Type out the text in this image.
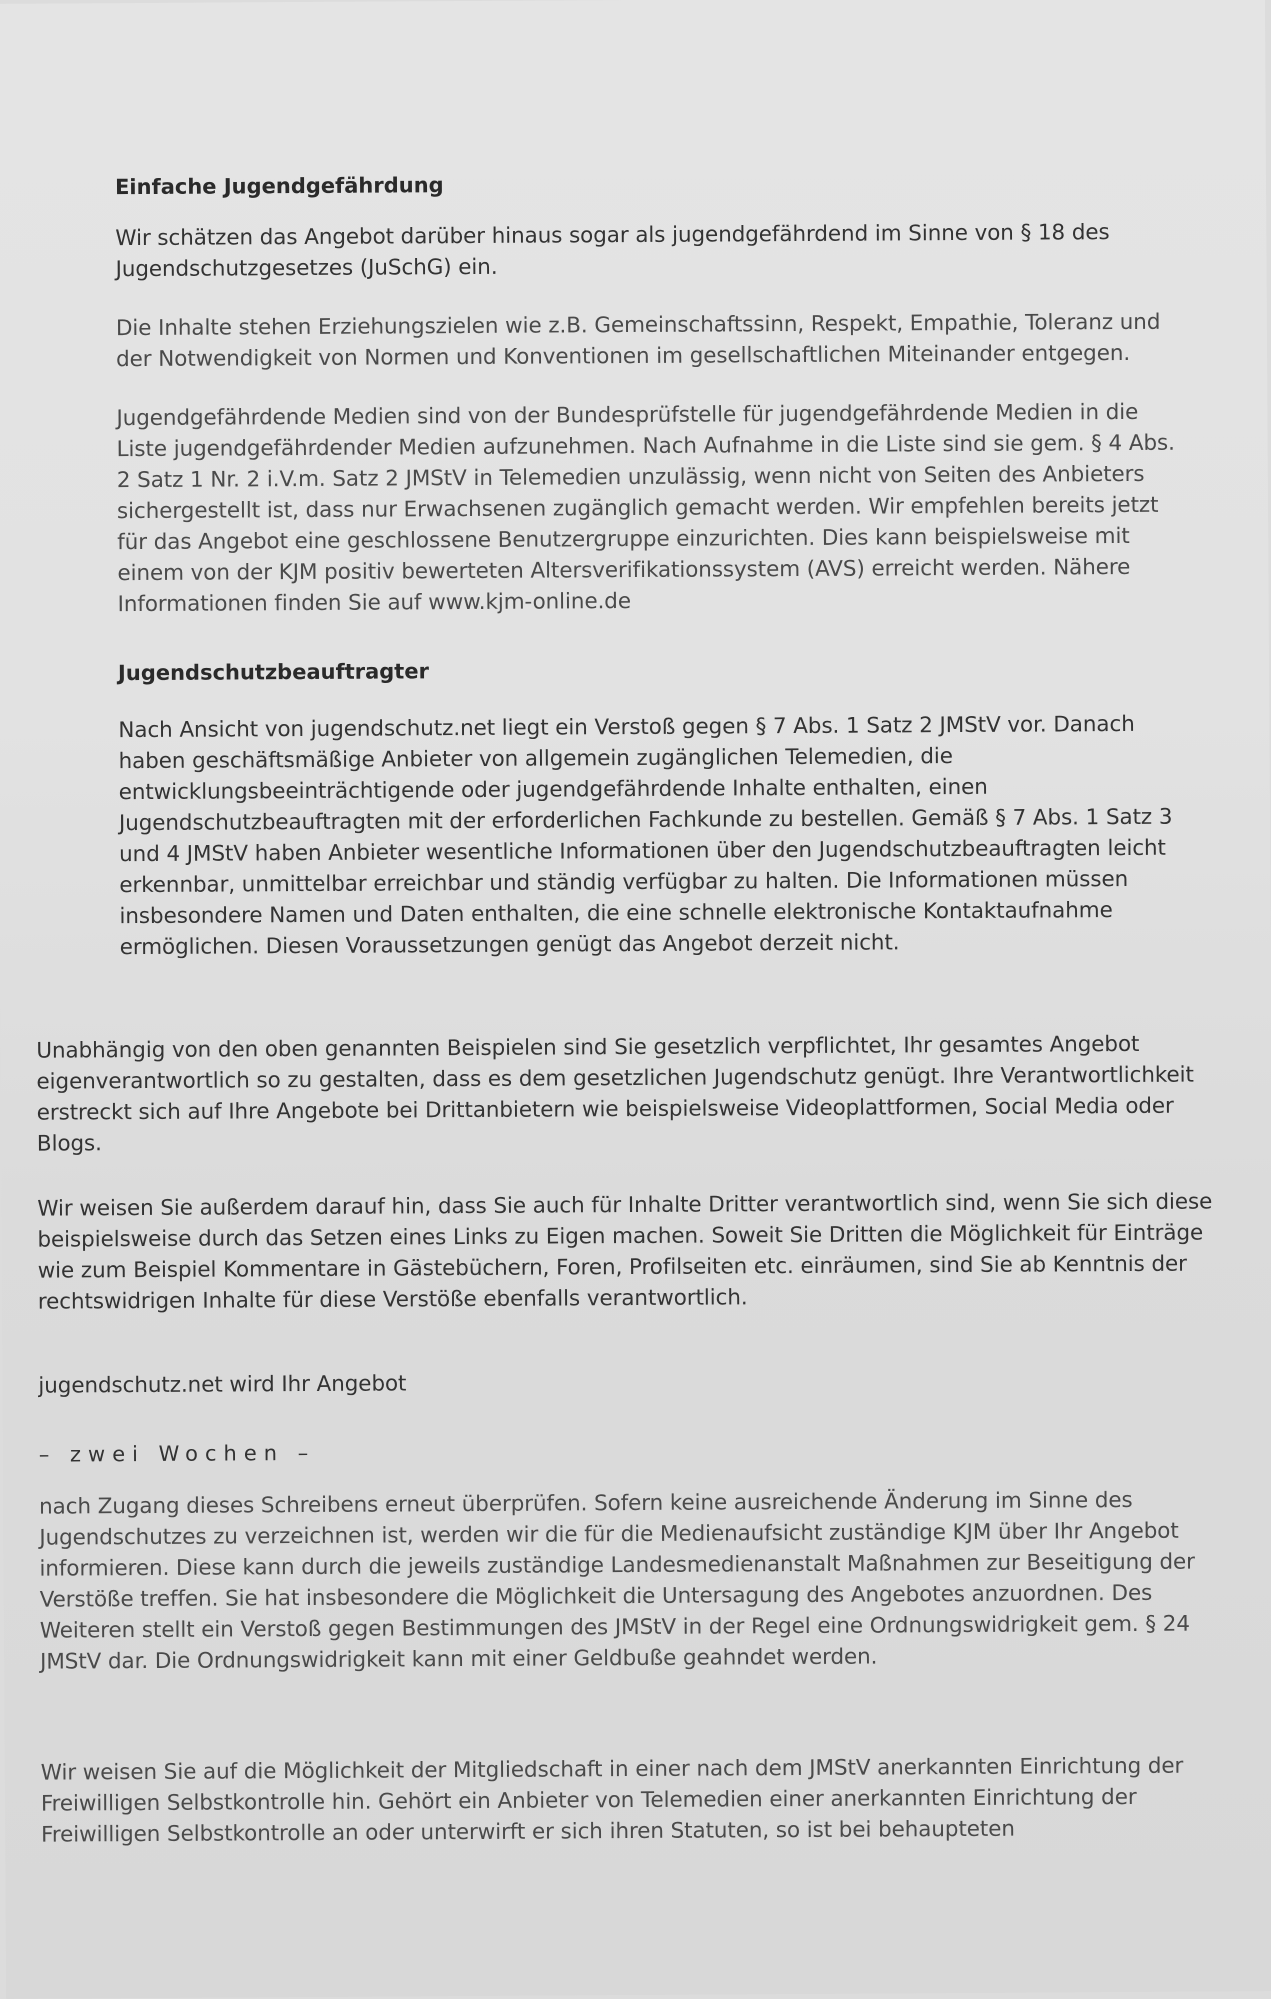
Einfache Jugendgefährdung

Wir schätzen das Angebot darüber hinaus sogar als jugendgefährdend im Sinne von § 18 des Jugendschutzgesetzes (JuSchG) ein.

Die Inhalte stehen Erziehungszielen wie z.B. Gemeinschaftssinn, Respekt, Empathie, Toleranz und der Notwendigkeit von Normen und Konventionen im gesellschaftlichen Miteinander entgegen.

Jugendgefährdende Medien sind von der Bundesprüfstelle für jugendgefährdende Medien in die Liste jugendgefährdender Medien aufzunehmen. Nach Aufnahme in die Liste sind sie gem. § 4 Abs. 2 Satz 1 Nr. 2 i.V.m. Satz 2 JMStV in Telemedien unzulässig, wenn nicht von Seiten des Anbieters sichergestellt ist, dass nur Erwachsenen zugänglich gemacht werden. Wir empfehlen bereits jetzt für das Angebot eine geschlossene Benutzergruppe einzurichten. Dies kann beispielsweise mit einem von der KJM positiv bewerteten Altersverifikationssystem (AVS) erreicht werden. Nähere Informationen finden Sie auf www.kjm-online.de

Jugendschutzbeauftragter

Nach Ansicht von jugendschutz.net liegt ein Verstoß gegen § 7 Abs. 1 Satz 2 JMStV vor. Danach haben geschäftsmäßige Anbieter von allgemein zugänglichen Telemedien, die entwicklungsbeeinträchtigende oder jugendgefährdende Inhalte enthalten, einen Jugendschutzbeauftragten mit der erforderlichen Fachkunde zu bestellen. Gemäß § 7 Abs. 1 Satz 3 und 4 JMStV haben Anbieter wesentliche Informationen über den Jugendschutzbeauftragten leicht erkennbar, unmittelbar erreichbar und ständig verfügbar zu halten. Die Informationen müssen insbesondere Namen und Daten enthalten, die eine schnelle elektronische Kontaktaufnahme ermöglichen. Diesen Voraussetzungen genügt das Angebot derzeit nicht.

Unabhängig von den oben genannten Beispielen sind Sie gesetzlich verpflichtet, Ihr gesamtes Angebot eigenverantwortlich so zu gestalten, dass es dem gesetzlichen Jugendschutz genügt. Ihre Verantwortlichkeit erstreckt sich auf Ihre Angebote bei Drittanbietern wie beispielsweise Videoplattformen, Social Media oder Blogs.

Wir weisen Sie außerdem darauf hin, dass Sie auch für Inhalte Dritter verantwortlich sind, wenn Sie sich diese beispielsweise durch das Setzen eines Links zu Eigen machen. Soweit Sie Dritten die Möglichkeit für Einträge wie zum Beispiel Kommentare in Gästebüchern, Foren, Profilseiten etc. einräumen, sind Sie ab Kenntnis der rechtswidrigen Inhalte für diese Verstöße ebenfalls verantwortlich.

jugendschutz.net wird Ihr Angebot

– zwei Wochen –

nach Zugang dieses Schreibens erneut überprüfen. Sofern keine ausreichende Änderung im Sinne des Jugendschutzes zu verzeichnen ist, werden wir die für die Medienaufsicht zuständige KJM über Ihr Angebot informieren. Diese kann durch die jeweils zuständige Landesmedienanstalt Maßnahmen zur Beseitigung der Verstöße treffen. Sie hat insbesondere die Möglichkeit die Untersagung des Angebotes anzuordnen. Des Weiteren stellt ein Verstoß gegen Bestimmungen des JMStV in der Regel eine Ordnungswidrigkeit gem. § 24 JMStV dar. Die Ordnungswidrigkeit kann mit einer Geldbuße geahndet werden.

Wir weisen Sie auf die Möglichkeit der Mitgliedschaft in einer nach dem JMStV anerkannten Einrichtung der Freiwilligen Selbstkontrolle hin. Gehört ein Anbieter von Telemedien einer anerkannten Einrichtung der Freiwilligen Selbstkontrolle an oder unterwirft er sich ihren Statuten, so ist bei behaupteten
